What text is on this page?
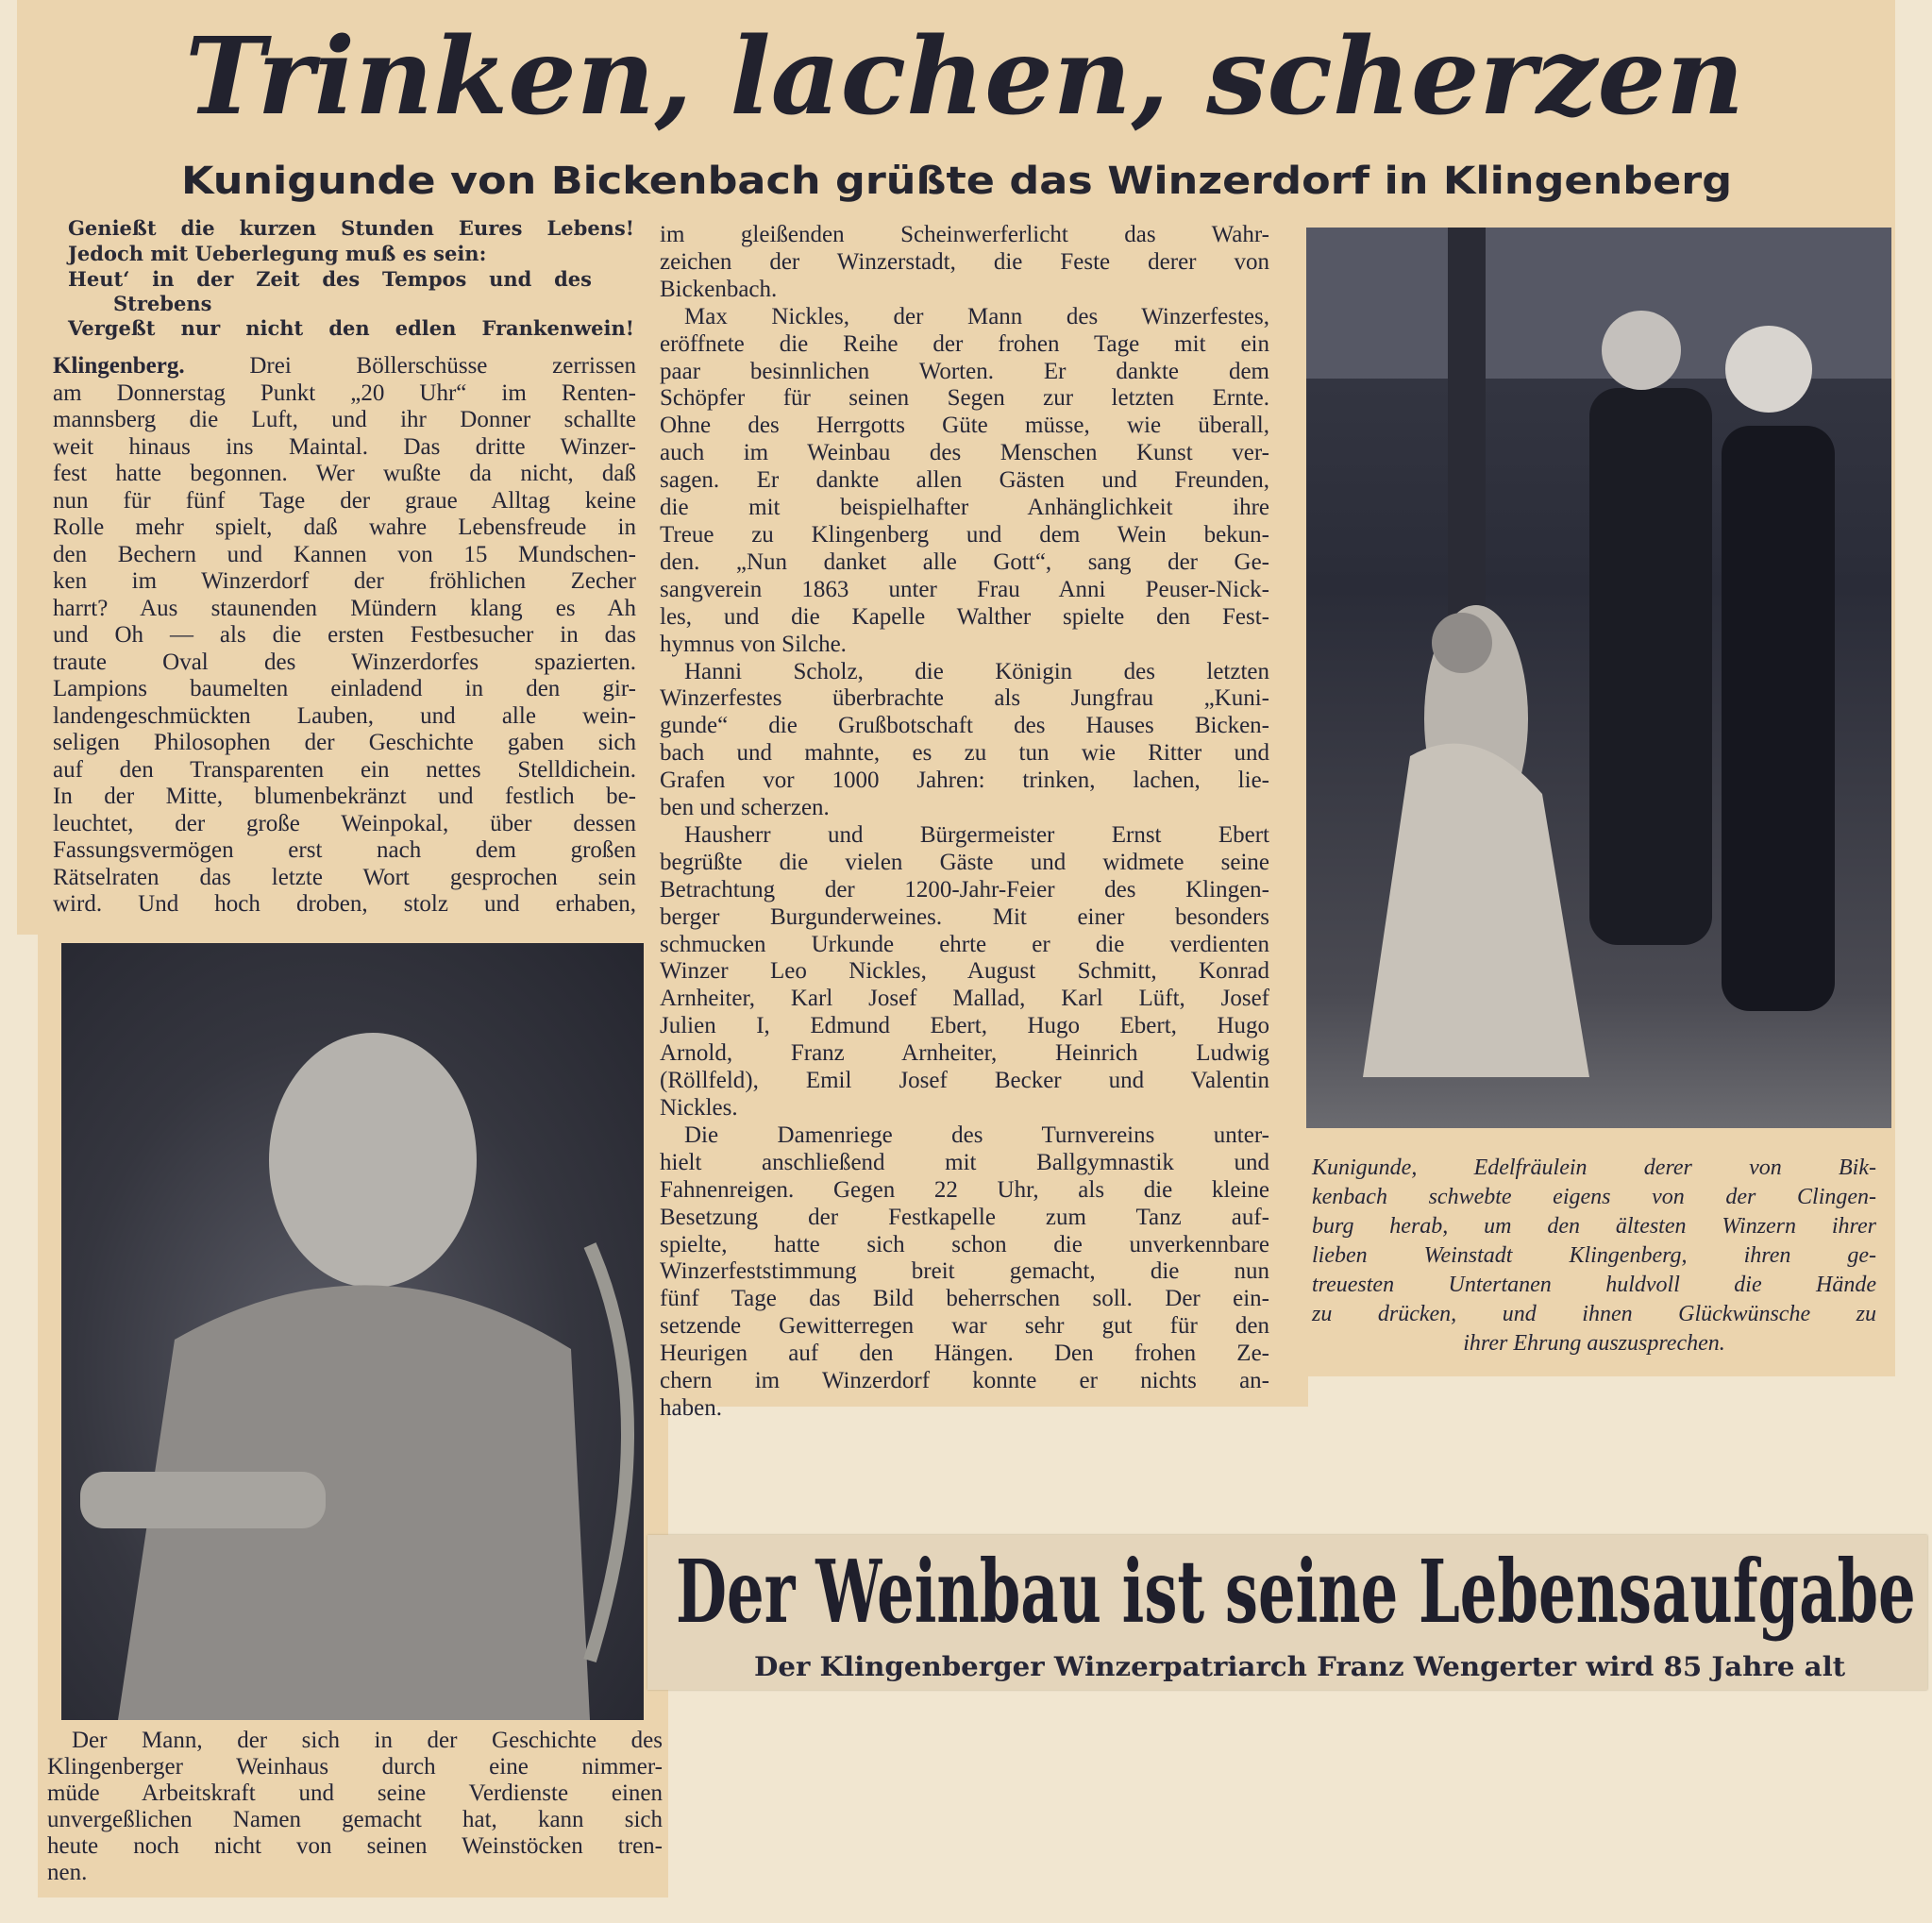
Trinken, lachen, scherzen
Kunigunde von Bickenbach grüßte das Winzerdorf in Klingenberg
Genießt die kurzen Stunden Eures Lebens!
Jedoch mit Ueberlegung muß es sein:
Heut‘ in der Zeit des Tempos und des
Strebens
Vergeßt nur nicht den edlen Frankenwein!
Klingenberg.	Drei Böllerschüsse zerrissen
am Donnerstag Punkt „20 Uhr“ im Renten-
mannsberg die Luft, und ihr Donner schallte
weit hinaus ins Maintal. Das dritte Winzer-
fest hatte begonnen. Wer wußte da nicht, daß
nun für fünf Tage der graue Alltag keine
Rolle mehr spielt, daß wahre Lebensfreude in
den Bechern und Kannen von 15 Mundschen-
ken im Winzerdorf der fröhlichen Zecher
harrt? Aus staunenden Mündern klang es Ah
und Oh — als die ersten Festbesucher in das
traute Oval des Winzerdorfes spazierten.
Lampions baumelten einladend in den gir-
landengeschmückten Lauben, und alle wein-
seligen Philosophen der Geschichte gaben sich
auf den Transparenten ein nettes Stelldichein.
In der Mitte, blumenbekränzt und festlich be-
leuchtet, der große Weinpokal, über dessen
Fassungsvermögen erst nach dem großen
Rätselraten das letzte Wort gesprochen sein
wird. Und hoch droben, stolz und erhaben,
im gleißenden Scheinwerferlicht das Wahr-
zeichen der Winzerstadt, die Feste derer von
Bickenbach.
Max Nickles, der Mann des Winzerfestes,
eröffnete die Reihe der frohen Tage mit ein
paar besinnlichen Worten. Er dankte dem
Schöpfer für seinen Segen zur letzten Ernte.
Ohne des Herrgotts Güte müsse, wie überall,
auch im Weinbau des Menschen Kunst ver-
sagen. Er dankte allen Gästen und Freunden,
die mit beispielhafter Anhänglichkeit ihre
Treue zu Klingenberg und dem Wein bekun-
den. „Nun danket alle Gott“, sang der Ge-
sangverein 1863 unter Frau Anni Peuser-Nick-
les, und die Kapelle Walther spielte den Fest-
hymnus von Silche.
Hanni Scholz, die Königin des letzten
Winzerfestes überbrachte als Jungfrau „Kuni-
gunde“ die Grußbotschaft des Hauses Bicken-
bach und mahnte, es zu tun wie Ritter und
Grafen vor 1000 Jahren: trinken, lachen, lie-
ben und scherzen.
Hausherr und Bürgermeister Ernst Ebert
begrüßte die vielen Gäste und widmete seine
Betrachtung der 1200-Jahr-Feier des Klingen-
berger Burgunderweines. Mit einer besonders
schmucken Urkunde ehrte er die verdienten
Winzer Leo Nickles, August Schmitt, Konrad
Arnheiter, Karl Josef Mallad, Karl Lüft, Josef
Julien I, Edmund Ebert, Hugo Ebert, Hugo
Arnold, Franz Arnheiter, Heinrich Ludwig
(Röllfeld), Emil Josef Becker und Valentin
Nickles.
Die Damenriege des Turnvereins unter-
hielt anschließend mit Ballgymnastik und
Fahnenreigen. Gegen 22 Uhr, als die kleine
Besetzung der Festkapelle zum Tanz auf-
spielte, hatte sich schon die unverkennbare
Winzerfeststimmung breit gemacht, die nun
fünf Tage das Bild beherrschen soll. Der ein-
setzende Gewitterregen war sehr gut für den
Heurigen auf den Hängen. Den frohen Ze-
chern im Winzerdorf konnte er nichts an-
haben.
Kunigunde, Edelfräulein derer von Bik-
kenbach schwebte eigens von der Clingen-
burg herab, um den ältesten Winzern ihrer
lieben Weinstadt Klingenberg, ihren ge-
treuesten Untertanen huldvoll die Hände
zu drücken, und ihnen Glückwünsche zu
ihrer Ehrung auszusprechen.
Der Mann, der sich in der Geschichte des
Klingenberger Weinhaus durch eine nimmer-
müde Arbeitskraft und seine Verdienste einen
unvergeßlichen Namen gemacht hat, kann sich
heute noch nicht von seinen Weinstöcken tren-
nen.
Der Weinbau ist seine Lebensaufgabe
Der Klingenberger Winzerpatriarch Franz Wengerter wird 85 Jahre alt
